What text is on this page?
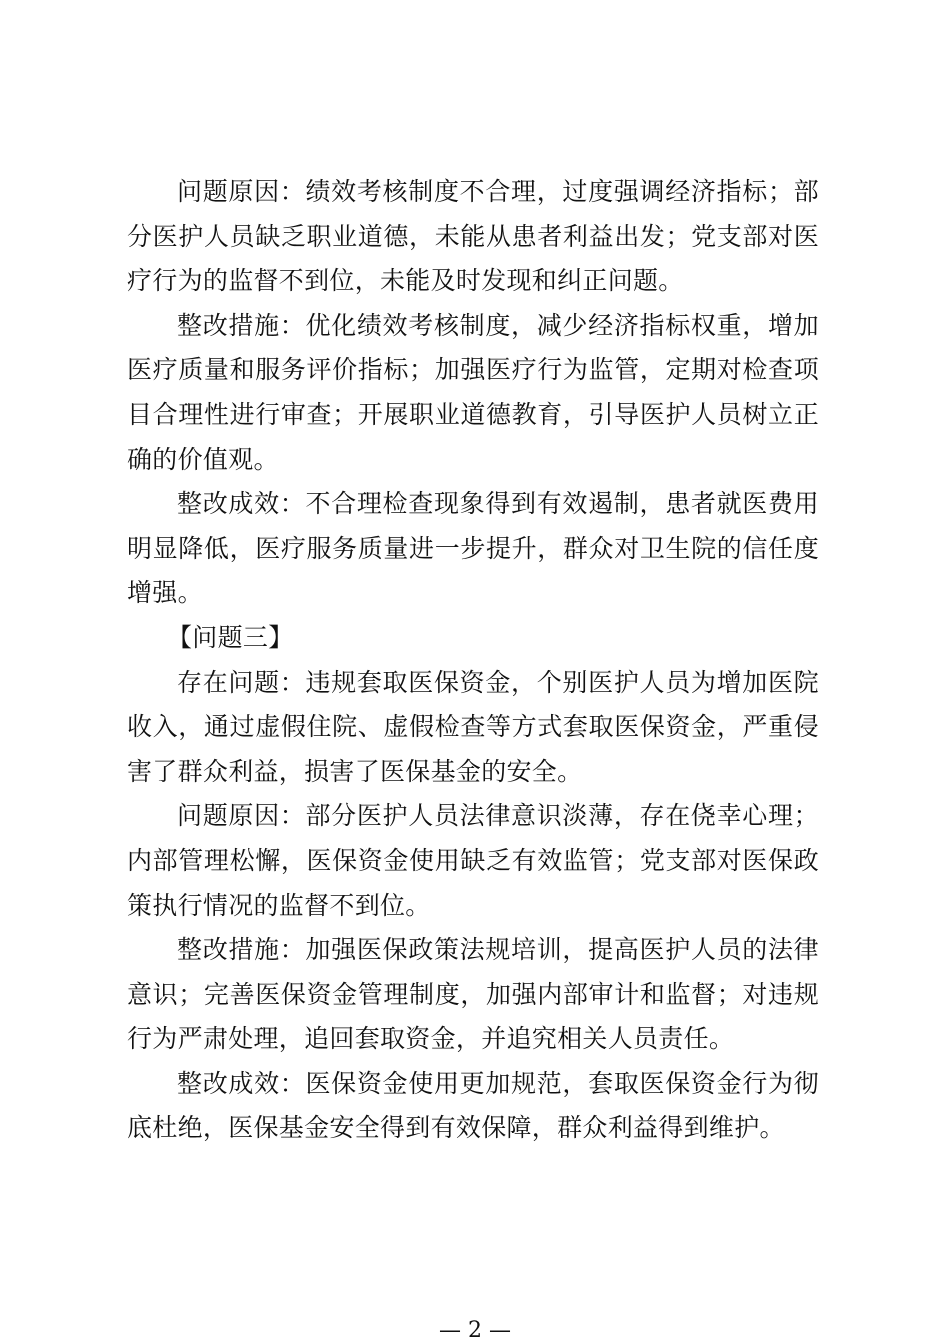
问题原因：绩效考核制度不合理，过度强调经济指标；部分医护人员缺乏职业道德，未能从患者利益出发；党支部对医疗行为的监督不到位，未能及时发现和纠正问题。

整改措施：优化绩效考核制度，减少经济指标权重，增加医疗质量和服务评价指标；加强医疗行为监管，定期对检查项目合理性进行审查；开展职业道德教育，引导医护人员树立正确的价值观。

整改成效：不合理检查现象得到有效遏制，患者就医费用明显降低，医疗服务质量进一步提升，群众对卫生院的信任度增强。

【问题三】

存在问题：违规套取医保资金，个别医护人员为增加医院收入，通过虚假住院、虚假检查等方式套取医保资金，严重侵害了群众利益，损害了医保基金的安全。

问题原因：部分医护人员法律意识淡薄，存在侥幸心理；内部管理松懈，医保资金使用缺乏有效监管；党支部对医保政策执行情况的监督不到位。

整改措施：加强医保政策法规培训，提高医护人员的法律意识；完善医保资金管理制度，加强内部审计和监督；对违规行为严肃处理，追回套取资金，并追究相关人员责任。

整改成效：医保资金使用更加规范，套取医保资金行为彻底杜绝，医保基金安全得到有效保障，群众利益得到维护。

— 2 —
